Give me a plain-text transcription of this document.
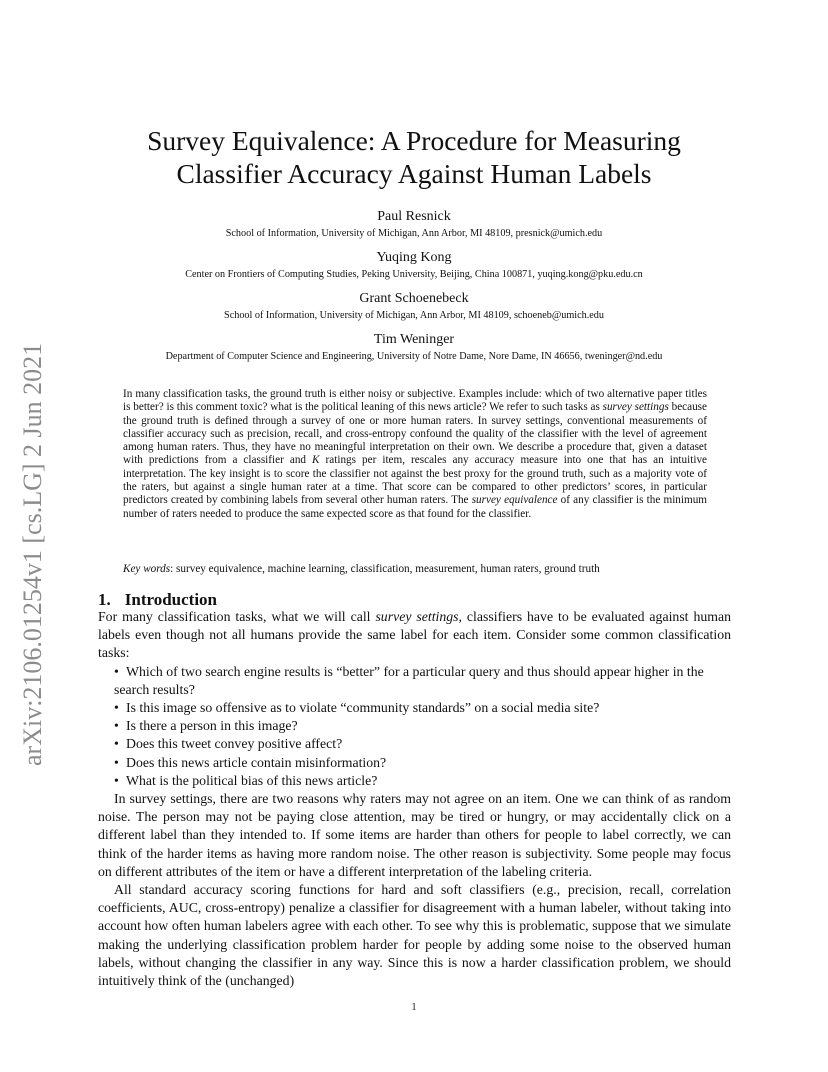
arXiv:2106.01254v1 [cs.LG] 2 Jun 2021
Survey Equivalence: A Procedure for Measuring
Classifier Accuracy Against Human Labels

Paul Resnick

School of Information, University of Michigan, Ann Arbor, MI 48109, presnick@umich.edu

Yuqing Kong

Center on Frontiers of Computing Studies, Peking University, Beijing, China 100871, yuqing.kong@pku.edu.cn

Grant Schoenebeck

School of Information, University of Michigan, Ann Arbor, MI 48109, schoeneb@umich.edu

Tim Weninger

Department of Computer Science and Engineering, University of Notre Dame, Nore Dame, IN 46656, tweninger@nd.edu

In many classification tasks, the ground truth is either noisy or subjective. Examples include: which of two alternative paper titles is better? is this comment toxic? what is the political leaning of this news article? We refer to such tasks as survey settings because the ground truth is defined through a survey of one or more human raters. In survey settings, conventional measurements of classifier accuracy such as precision, recall, and cross-entropy confound the quality of the classifier with the level of agreement among human raters. Thus, they have no meaningful interpretation on their own. We describe a procedure that, given a dataset with predictions from a classifier and K ratings per item, rescales any accuracy measure into one that has an intuitive interpretation. The key insight is to score the classifier not against the best proxy for the ground truth, such as a majority vote of the raters, but against a single human rater at a time. That score can be compared to other predictors’ scores, in particular predictors created by combining labels from several other human raters. The survey equivalence of any classifier is the minimum number of raters needed to produce the same expected score as that found for the classifier.

Key words: survey equivalence, machine learning, classification, measurement, human raters, ground truth

1. Introduction

For many classification tasks, what we will call survey settings, classifiers have to be evaluated against human labels even though not all humans provide the same label for each item. Consider some common classification tasks:

• Which of two search engine results is “better” for a particular query and thus should appear higher in the search results?
• Is this image so offensive as to violate “community standards” on a social media site?
• Is there a person in this image?
• Does this tweet convey positive affect?
• Does this news article contain misinformation?
• What is the political bias of this news article?

In survey settings, there are two reasons why raters may not agree on an item. One we can think of as random noise. The person may not be paying close attention, may be tired or hungry, or may accidentally click on a different label than they intended to. If some items are harder than others for people to label correctly, we can think of the harder items as having more random noise. The other reason is subjectivity. Some people may focus on different attributes of the item or have a different interpretation of the labeling criteria.

All standard accuracy scoring functions for hard and soft classifiers (e.g., precision, recall, correlation coefficients, AUC, cross-entropy) penalize a classifier for disagreement with a human labeler, without taking into account how often human labelers agree with each other. To see why this is problematic, suppose that we simulate making the underlying classification problem harder for people by adding some noise to the observed human labels, without changing the classifier in any way. Since this is now a harder classification problem, we should intuitively think of the (unchanged)

1
